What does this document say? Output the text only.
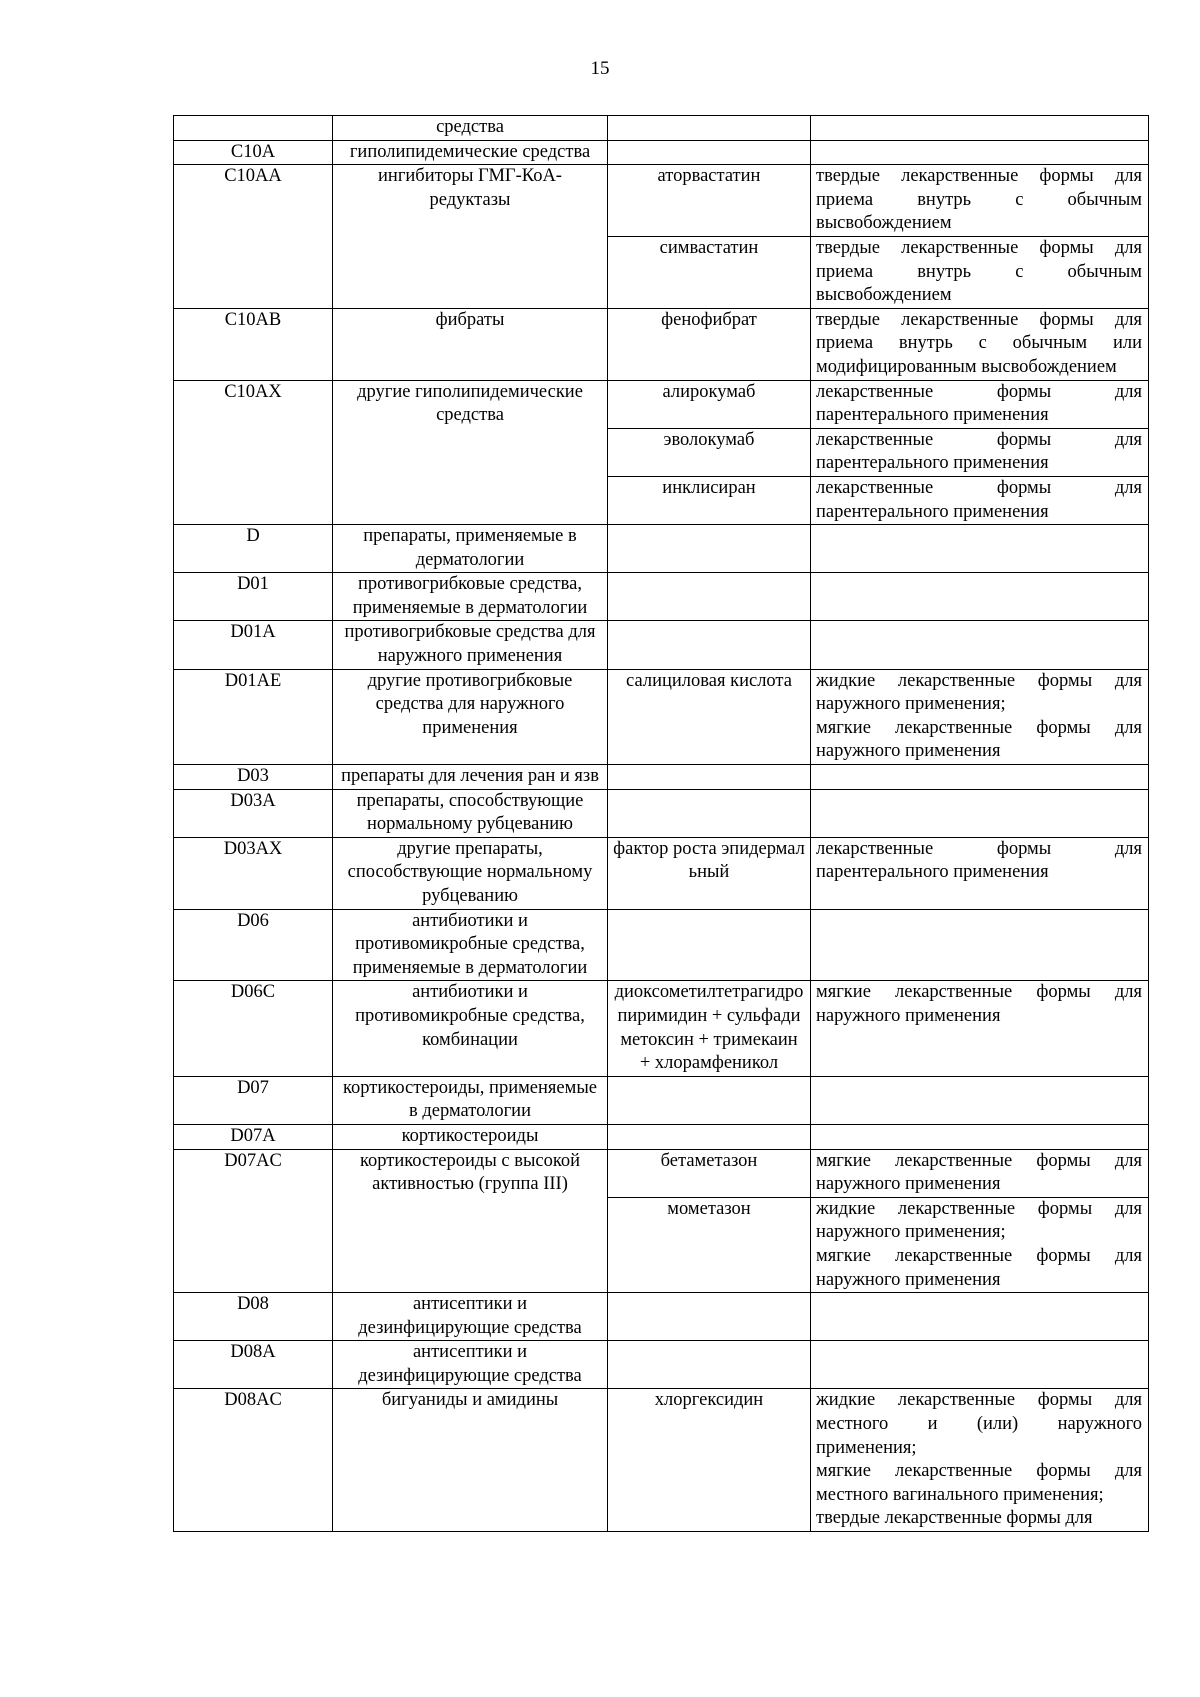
15
	средства		
C10A	гиполипидемические средства		
C10AA	ингибиторы ГМГ-КоА-редуктазы	аторвастатин	твердые лекарственные формы для приема внутрь с обычным высвобождением

		симвастатин	твердые лекарственные формы для приема внутрь с обычным высвобождением

C10AB	фибраты	фенофибрат	твердые лекарственные формы для приема внутрь с обычным или модифицированным высвобождением

C10AX	другие гиполипидемические средства	алирокумаб	лекарственные формы для парентерального применения

		эволокумаб	лекарственные формы для парентерального применения

		инклисиран	лекарственные формы для парентерального применения

D	препараты, применяемые в дерматологии		
D01	противогрибковые средства, применяемые в дерматологии		
D01A	противогрибковые средства для наружного применения		
D01AE	другие противогрибковые средства для наружного применения	салициловая кислота	жидкие лекарственные формы для наружного применения;
мягкие лекарственные формы для наружного применения

D03	препараты для лечения ран и язв		
D03A	препараты, способствующие нормальному рубцеванию		
D03AX	другие препараты, способствующие нормальному рубцеванию	фактор роста эпидермальный	лекарственные формы для парентерального применения

D06	антибиотики и противомикробные средства, применяемые в дерматологии		
D06C	антибиотики и противомикробные средства, комбинации	диоксометилтетрагидропиримидин + сульфадиметоксин + тримекаин + хлорамфеникол	мягкие лекарственные формы для наружного применения

D07	кортикостероиды, применяемые в дерматологии		
D07A	кортикостероиды		
D07AC	кортикостероиды с высокой активностью (группа III)	бетаметазон	мягкие лекарственные формы для наружного применения

		мометазон	жидкие лекарственные формы для наружного применения;
мягкие лекарственные формы для наружного применения

D08	антисептики и дезинфицирующие средства		
D08A	антисептики и дезинфицирующие средства		
D08AC	бигуаниды и амидины	хлоргексидин	жидкие лекарственные формы для местного и (или) наружного применения;
мягкие лекарственные формы для местного вагинального применения;
твердые лекарственные формы для
